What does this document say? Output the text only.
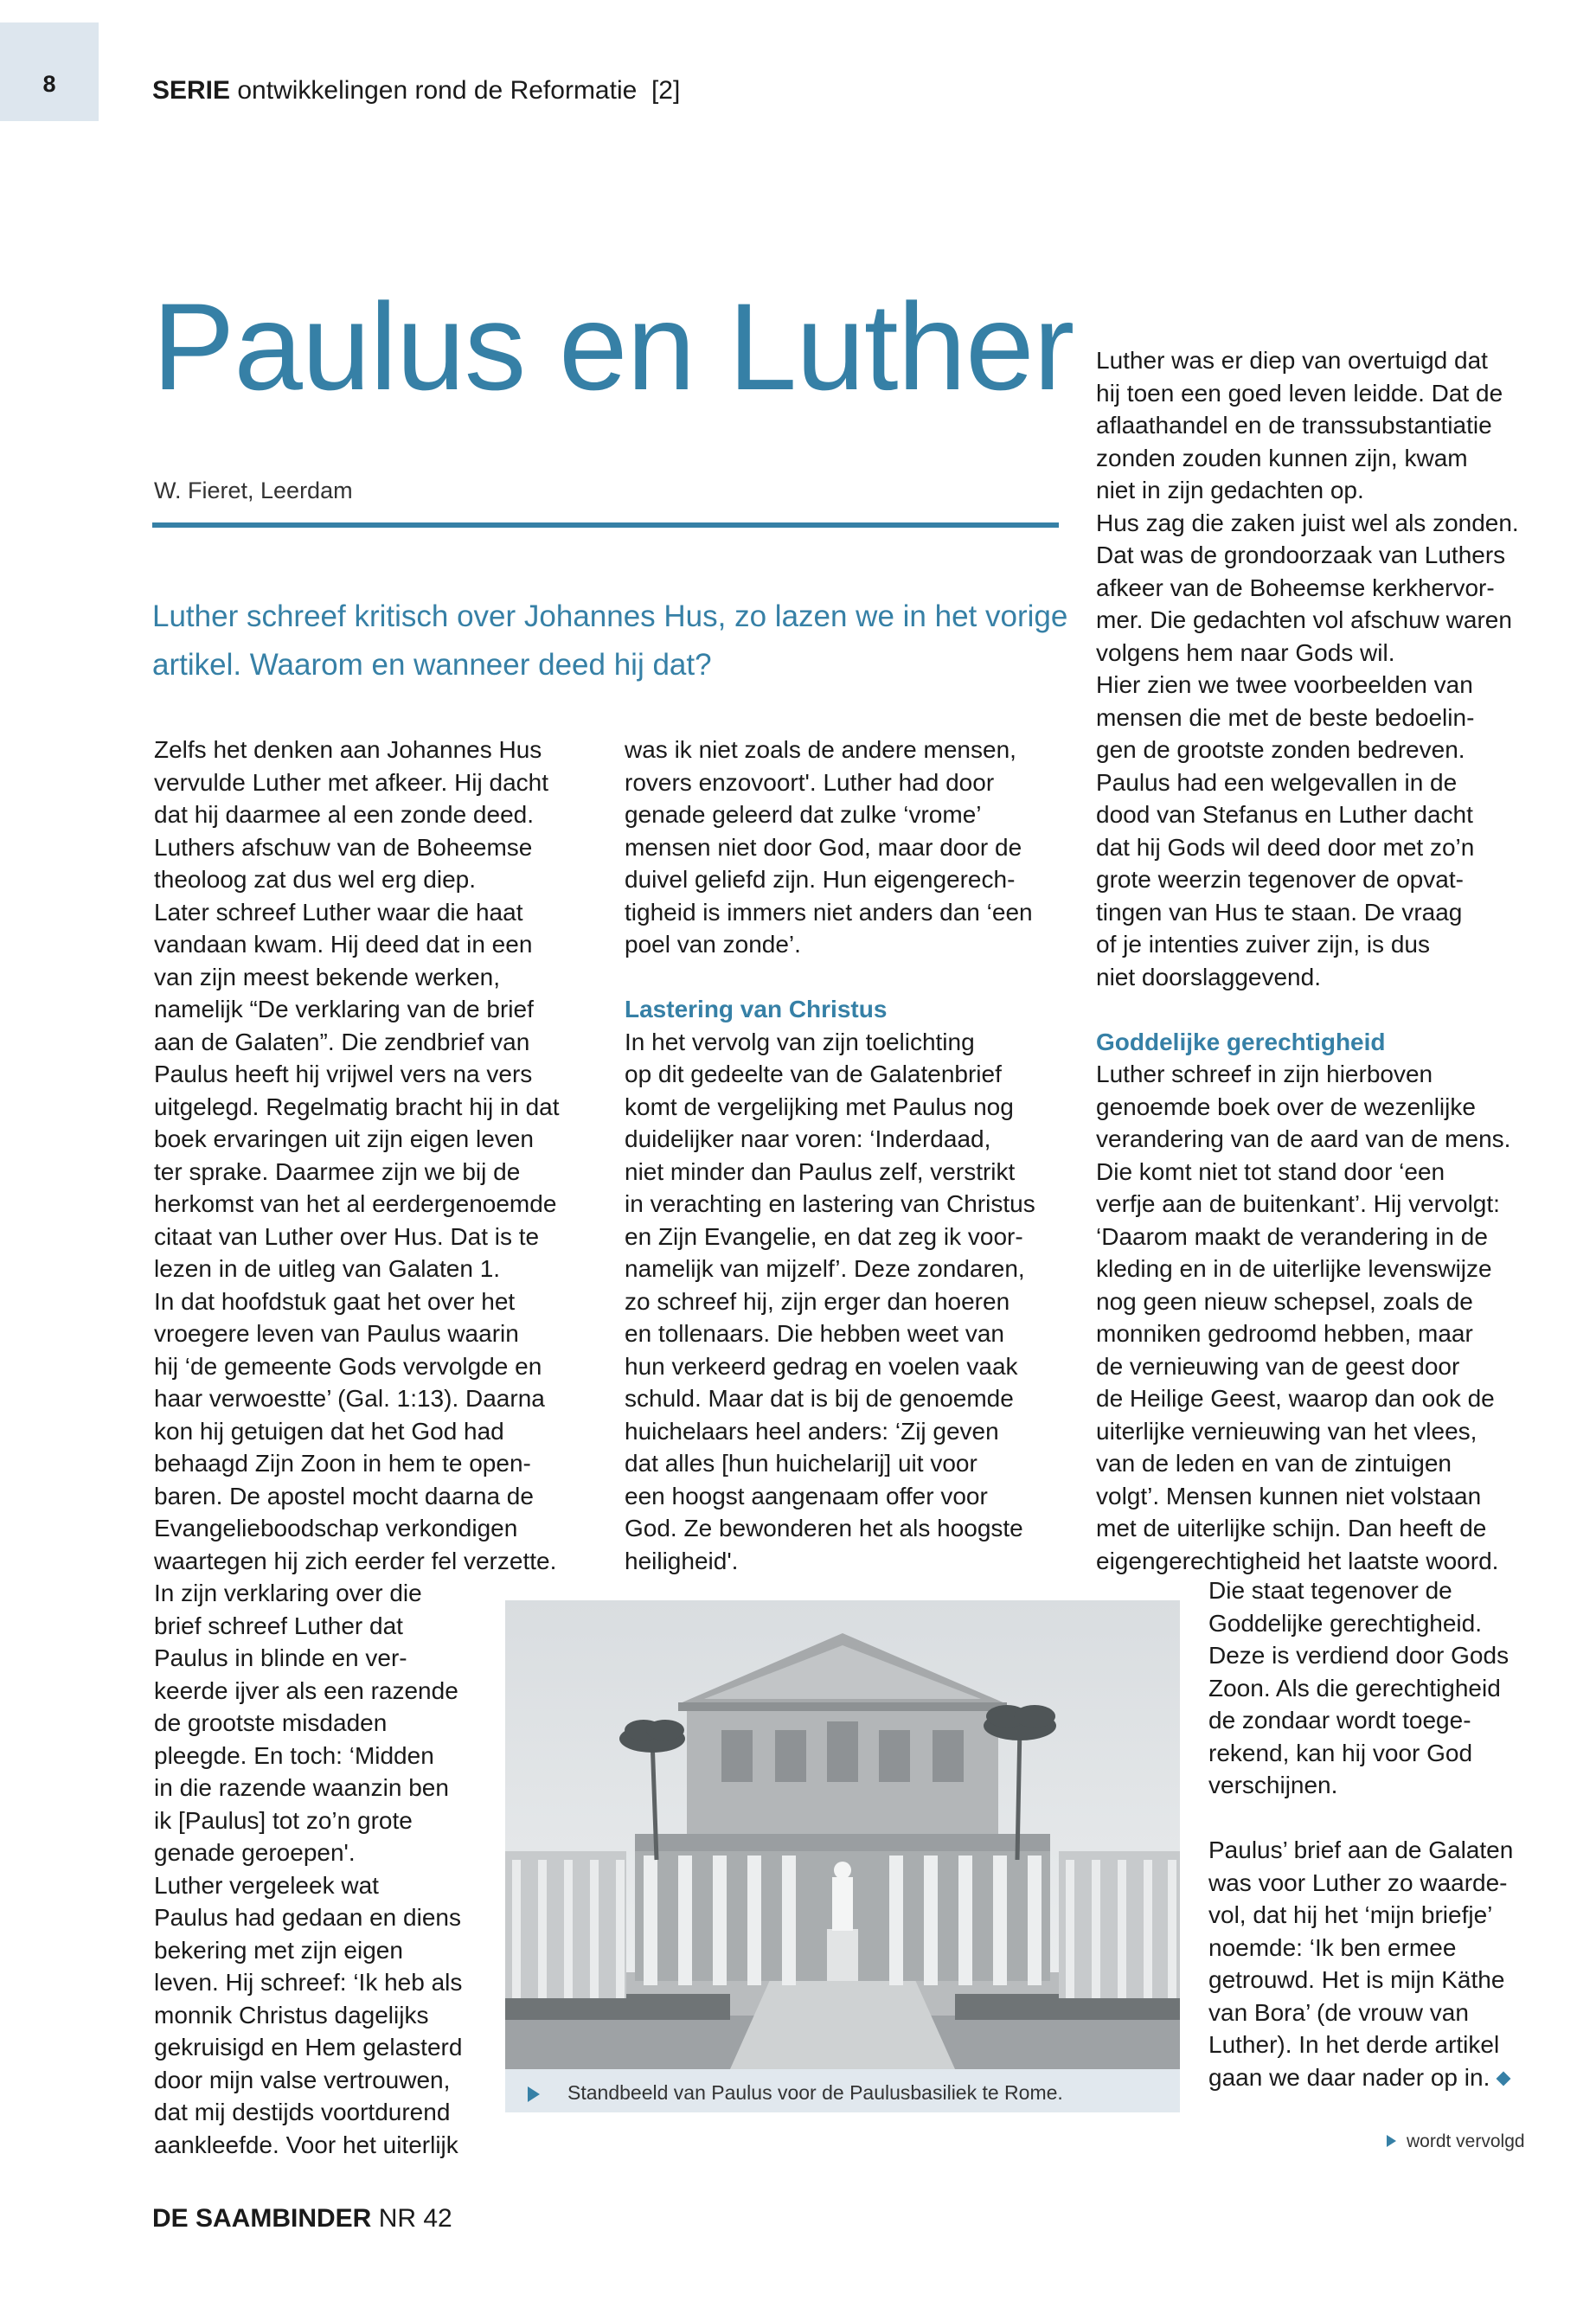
8	SERIE ontwikkelingen rond de Reformatie  [2]
Paulus en Luther
W. Fieret, Leerdam
Luther schreef kritisch over Johannes Hus, zo lazen we in het vorige artikel. Waarom en wanneer deed hij dat?

Zelfs het denken aan Johannes Hus

vervulde Luther met afkeer. Hij dacht

dat hij daarmee al een zonde deed.

Luthers afschuw van de Boheemse

theoloog zat dus wel erg diep.

Later schreef Luther waar die haat

vandaan kwam. Hij deed dat in een

van zijn meest bekende werken,

namelijk “De verklaring van de brief

aan de Galaten”. Die zendbrief van

Paulus heeft hij vrijwel vers na vers

uitgelegd. Regelmatig bracht hij in dat

boek ervaringen uit zijn eigen leven

ter sprake. Daarmee zijn we bij de

herkomst van het al eerdergenoemde

citaat van Luther over Hus. Dat is te

lezen in de uitleg van Galaten 1.

In dat hoofdstuk gaat het over het

vroegere leven van Paulus waarin

hij ‘de gemeente Gods vervolgde en

haar verwoestte’ (Gal. 1:13). Daarna

kon hij getuigen dat het God had

behaagd Zijn Zoon in hem te open-

baren. De apostel mocht daarna de

Evangelieboodschap verkondigen

waartegen hij zich eerder fel verzette.

In zijn verklaring over die

brief schreef Luther dat

Paulus in blinde en ver-

keerde ijver als een razende

de grootste misdaden

pleegde. En toch: ‘Midden

in die razende waanzin ben

ik [Paulus] tot zo’n grote

genade geroepen'.

Luther vergeleek wat

Paulus had gedaan en diens

bekering met zijn eigen

leven. Hij schreef: ‘Ik heb als

monnik Christus dagelijks

gekruisigd en Hem gelasterd

door mijn valse vertrouwen,

dat mij destijds voortdurend

aankleefde. Voor het uiterlijk

was ik niet zoals de andere mensen,

rovers enzovoort'. Luther had door

genade geleerd dat zulke ‘vrome’

mensen niet door God, maar door de

duivel geliefd zijn. Hun eigengerech-

tigheid is immers niet anders dan ‘een

poel van zonde’.

Lastering van Christus

In het vervolg van zijn toelichting

op dit gedeelte van de Galatenbrief

komt de vergelijking met Paulus nog

duidelijker naar voren: ‘Inderdaad,

niet minder dan Paulus zelf, verstrikt

in verachting en lastering van Christus

en Zijn Evangelie, en dat zeg ik voor-

namelijk van mijzelf’. Deze zondaren,

zo schreef hij, zijn erger dan hoeren

en tollenaars. Die hebben weet van

hun verkeerd gedrag en voelen vaak

schuld. Maar dat is bij de genoemde

huichelaars heel anders: ‘Zij geven

dat alles [hun huichelarij] uit voor

een hoogst aangenaam offer voor

God. Ze bewonderen het als hoogste

heiligheid'.

Luther was er diep van overtuigd dat

hij toen een goed leven leidde. Dat de

aflaathandel en de transsubstantiatie

zonden zouden kunnen zijn, kwam

niet in zijn gedachten op.

Hus zag die zaken juist wel als zonden.

Dat was de grondoorzaak van Luthers

afkeer van de Boheemse kerkhervor-

mer. Die gedachten vol afschuw waren

volgens hem naar Gods wil.

Hier zien we twee voorbeelden van

mensen die met de beste bedoelin-

gen de grootste zonden bedreven.

Paulus had een welgevallen in de

dood van Stefanus en Luther dacht

dat hij Gods wil deed door met zo’n

grote weerzin tegenover de opvat-

tingen van Hus te staan. De vraag

of je intenties zuiver zijn, is dus

niet doorslaggevend.

Goddelijke gerechtigheid

Luther schreef in zijn hierboven

genoemde boek over de wezenlijke

verandering van de aard van de mens.

Die komt niet tot stand door ‘een

verfje aan de buitenkant’. Hij vervolgt:

‘Daarom maakt de verandering in de

kleding en in de uiterlijke levenswijze

nog geen nieuw schepsel, zoals de

monniken gedroomd hebben, maar

de vernieuwing van de geest door

de Heilige Geest, waarop dan ook de

uiterlijke vernieuwing van het vlees,

van de leden en van de zintuigen

volgt’. Mensen kunnen niet volstaan

met de uiterlijke schijn. Dan heeft de

eigengerechtigheid het laatste woord.

Die staat tegenover de

Goddelijke gerechtigheid.

Deze is verdiend door Gods

Zoon. Als die gerechtigheid

de zondaar wordt toege-

rekend, kan hij voor God

verschijnen.

Paulus’ brief aan de Galaten

was voor Luther zo waarde-

vol, dat hij het ‘mijn briefje’

noemde: ‘Ik ben ermee

getrouwd. Het is mijn Käthe

van Bora’ (de vrouw van

Luther). In het derde artikel

gaan we daar nader op in.

Standbeeld van Paulus voor de Paulusbasiliek te Rome.
wordt vervolgd
DE SAAMBINDER NR 42
